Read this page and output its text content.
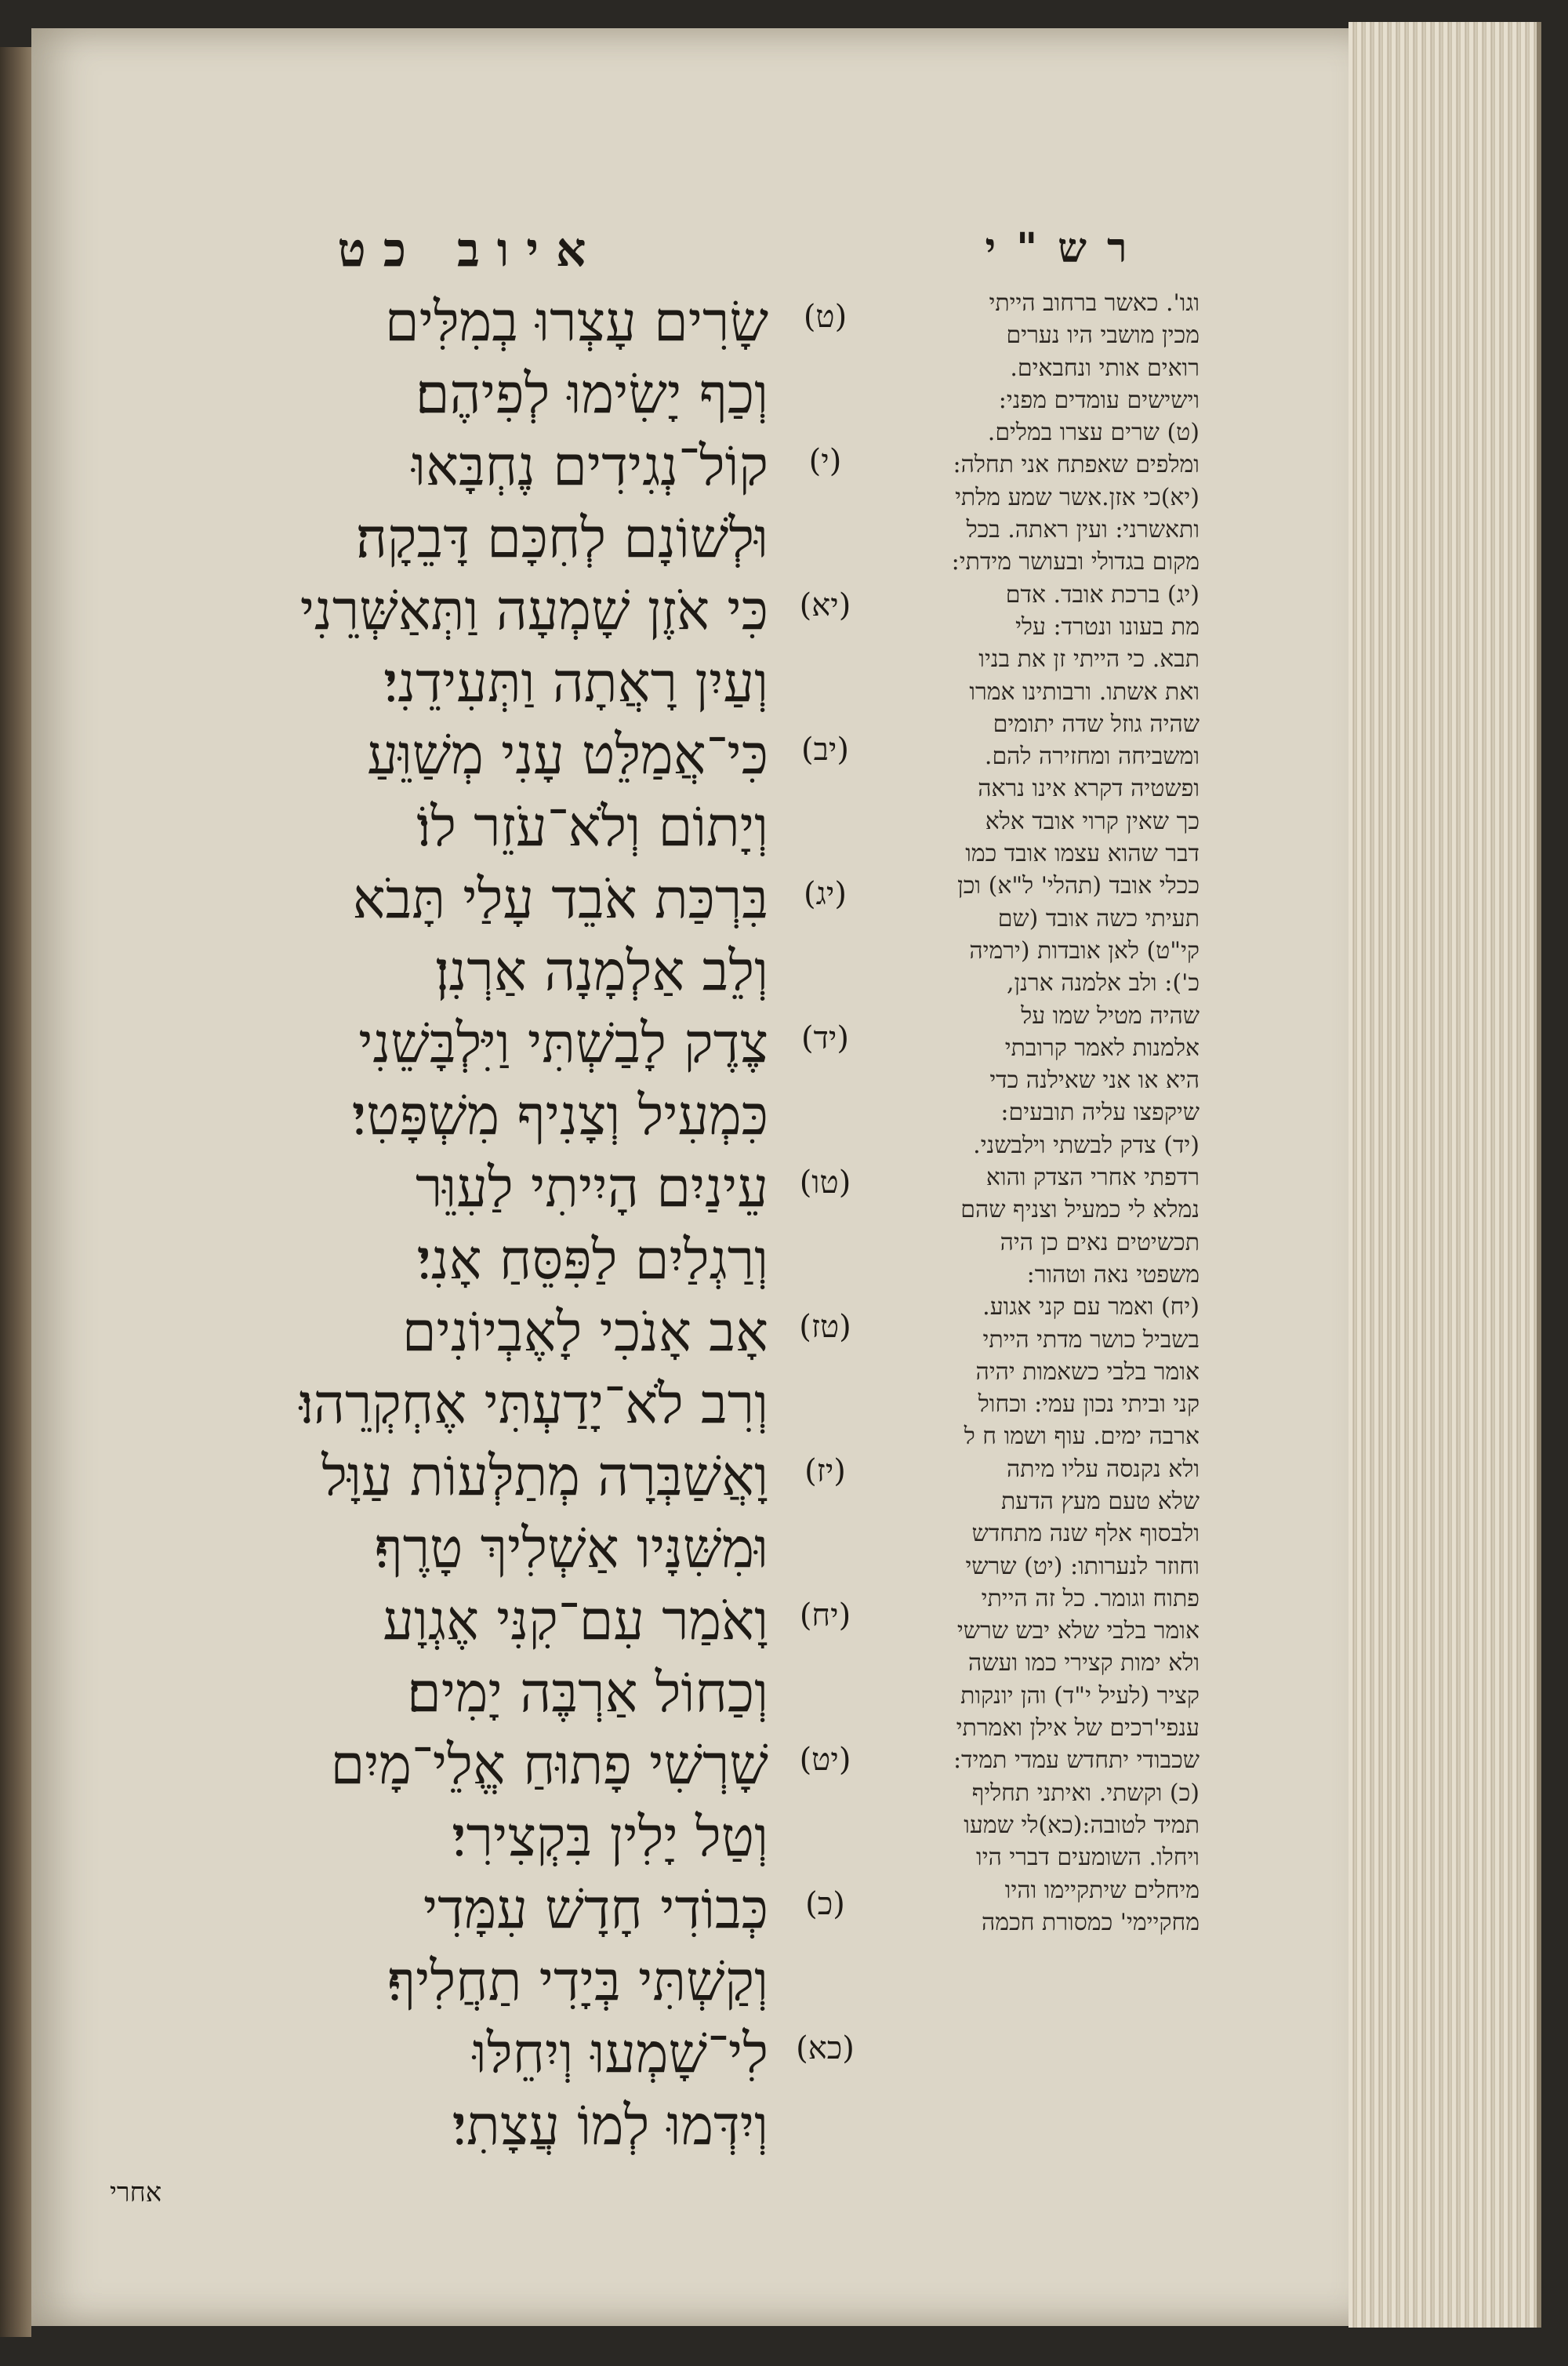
איוב כט	רש"י
(ט)
שָׂרִים עָצְרוּ בְמִלִּים
וְכַף יָשִׂימוּ לְפִיהֶם׃
(י)
קוֹל־נְגִידִים נֶחְבָּאוּ
וּלְשׁוֹנָם לְחִכָּם דָּבֵקָה׃
(יא)
כִּי אֹזֶן שָׁמְעָה וַתְּאַשְּׁרֵנִי
וְעַיִן רָאֲתָה וַתְּעִידֵנִי׃
(יב)
כִּי־אֲמַלֵּט עָנִי מְשַׁוֵּעַ
וְיָתוֹם וְלֹא־עֹזֵר לוֹ׃
(יג)
בִּרְכַּת אֹבֵד עָלַי תָּבֹא
וְלֵב אַלְמָנָה אַרְנִן׃
(יד)
צֶדֶק לָבַשְׁתִּי וַיִּלְבָּשֵׁנִי
כִּמְעִיל וְצָנִיף מִשְׁפָּטִי׃
(טו)
עֵינַיִם הָיִיתִי לַעִוֵּר
וְרַגְלַיִם לַפִּסֵּחַ אָנִי׃
(טז)
אָב אָנֹכִי לָאֶבְיוֹנִים
וְרִב לֹא־יָדַעְתִּי אֶחְקְרֵהוּ׃
(יז)
וָאֲשַׁבְּרָה מְתַלְּעוֹת עַוָּל
וּמִשִּׁנָּיו אַשְׁלִיךְ טָרֶף׃
(יח)
וָאֹמַר עִם־קִנִּי אֶגְוָע
וְכַחוֹל אַרְבֶּה יָמִים׃
(יט)
שָׁרְשִׁי פָתוּחַ אֱלֵי־מָיִם
וְטַל יָלִין בִּקְצִירִי׃
(כ)
כְּבוֹדִי חָדָשׁ עִמָּדִי
וְקַשְׁתִּי בְּיָדִי תַחֲלִיף׃
(כא)
לִי־שָׁמְעוּ וְיִחֵלּוּ
וְיִדְּמוּ לְמוֹ עֲצָתִי׃
וגו'. כאשר ברחוב הייתי
מכין מושבי היו נערים
רואים אותי ונחבאים.
וישישים עומדים מפני:
(ט) שרים עצרו במלים.
ומלפים שאפתח אני תחלה:
(יא)כי אזן.אשר שמע מלתי
ותאשרני: ועין ראתה. בכל
מקום בגדולי ובעושר מידתי:
(יג) ברכת אובד. אדם
מת בעונו ונטרד: עלי
תבא. כי הייתי זן את בניו
ואת אשתו. ורבותינו אמרו
שהיה גוזל שדה יתומים
ומשביחה ומחזירה להם.
ופשטיה דקרא אינו נראה
כך שאין קרוי אובד אלא
דבר שהוא עצמו אובד כמו
ככלי אובד (תהלי' ל"א) וכן
תעיתי כשה אובד (שם
קי"ט) לאן אובדות (ירמיה
כ'): ולב אלמנה ארנן,
שהיה מטיל שמו על
אלמנות לאמר קרובתי
היא או אני שאילנה כדי
שיקפצו עליה תובעים:
(יד) צדק לבשתי וילבשני.
רדפתי אחרי הצדק והוא
נמלא לי כמעיל וצניף שהם
תכשיטים נאים כן היה
משפטי נאה וטהור:
(יח) ואמר עם קני אגוע.
בשביל כושר מדתי הייתי
אומר בלבי כשאמות יהיה
קני וביתי נכון עמי: וכחול
ארבה ימים. עוף ושמו ח ל
ולא נקנסה עליו מיתה
שלא טעם מעץ הדעת
ולבסוף אלף שנה מתחדש
וחוזר לנערותו: (יט) שרשי
פתוח וגומר. כל זה הייתי
אומר בלבי שלא יבש שרשי
ולא ימות קצירי כמו ועשה
קציר (לעיל י"ד) והן יונקות
ענפי'רכים של אילן ואמרתי
שכבודי יתחדש עמדי תמיד:
(כ) וקשתי. ואיתני תחליף
תמיד לטובה:(כא)לי שמעו
ויחלו. השומעים דברי היו
מיחלים שיתקיימו והיו
מחקיימי' כמסורת חכמה
אחרי
